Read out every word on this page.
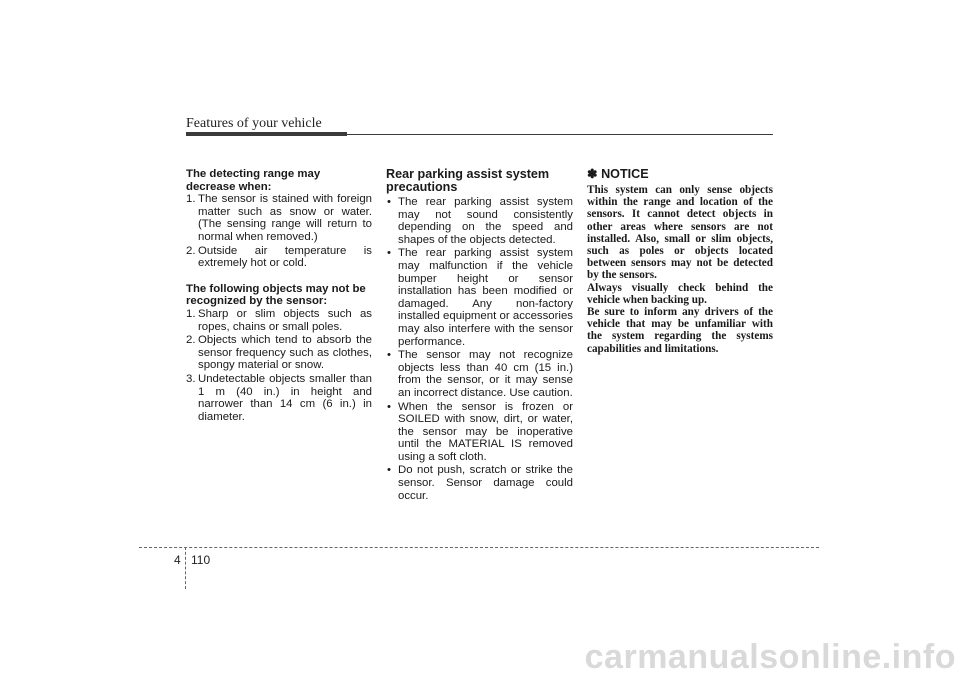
Features of your vehicle

The detecting range may decrease when:

1. The sensor is stained with foreign matter such as snow or water. (The sensing range will return to normal when removed.)
2. Outside air temperature is extremely hot or cold.

The following objects may not be recognized by the sensor:

1. Sharp or slim objects such as ropes, chains or small poles.
2. Objects which tend to absorb the sensor frequency such as clothes, spongy material or snow.
3. Undetectable objects smaller than 1 m (40 in.) in height and narrower than 14 cm (6 in.) in diameter.
Rear parking assist system precautions
• The rear parking assist system may not sound consistently depending on the speed and shapes of the objects detected.
• The rear parking assist system may malfunction if the vehicle bumper height or sensor installation has been modified or damaged. Any non-factory installed equipment or accessories may also interfere with the sensor performance.
• The sensor may not recognize objects less than 40 cm (15 in.) from the sensor, or it may sense an incorrect distance. Use caution.
• When the sensor is frozen or SOILED with snow, dirt, or water, the sensor may be inoperative until the MATERIAL IS removed using a soft cloth.
• Do not push, scratch or strike the sensor. Sensor damage could occur.
✽ NOTICE

This system can only sense objects within the range and location of the sensors. It cannot detect objects in other areas where sensors are not installed. Also, small or slim objects, such as poles or objects located between sensors may not be detected by the sensors.

Always visually check behind the vehicle when backing up.

Be sure to inform any drivers of the vehicle that may be unfamiliar with the system regarding the systems capabilities and limitations.

4 110
carmanualsonline.info
